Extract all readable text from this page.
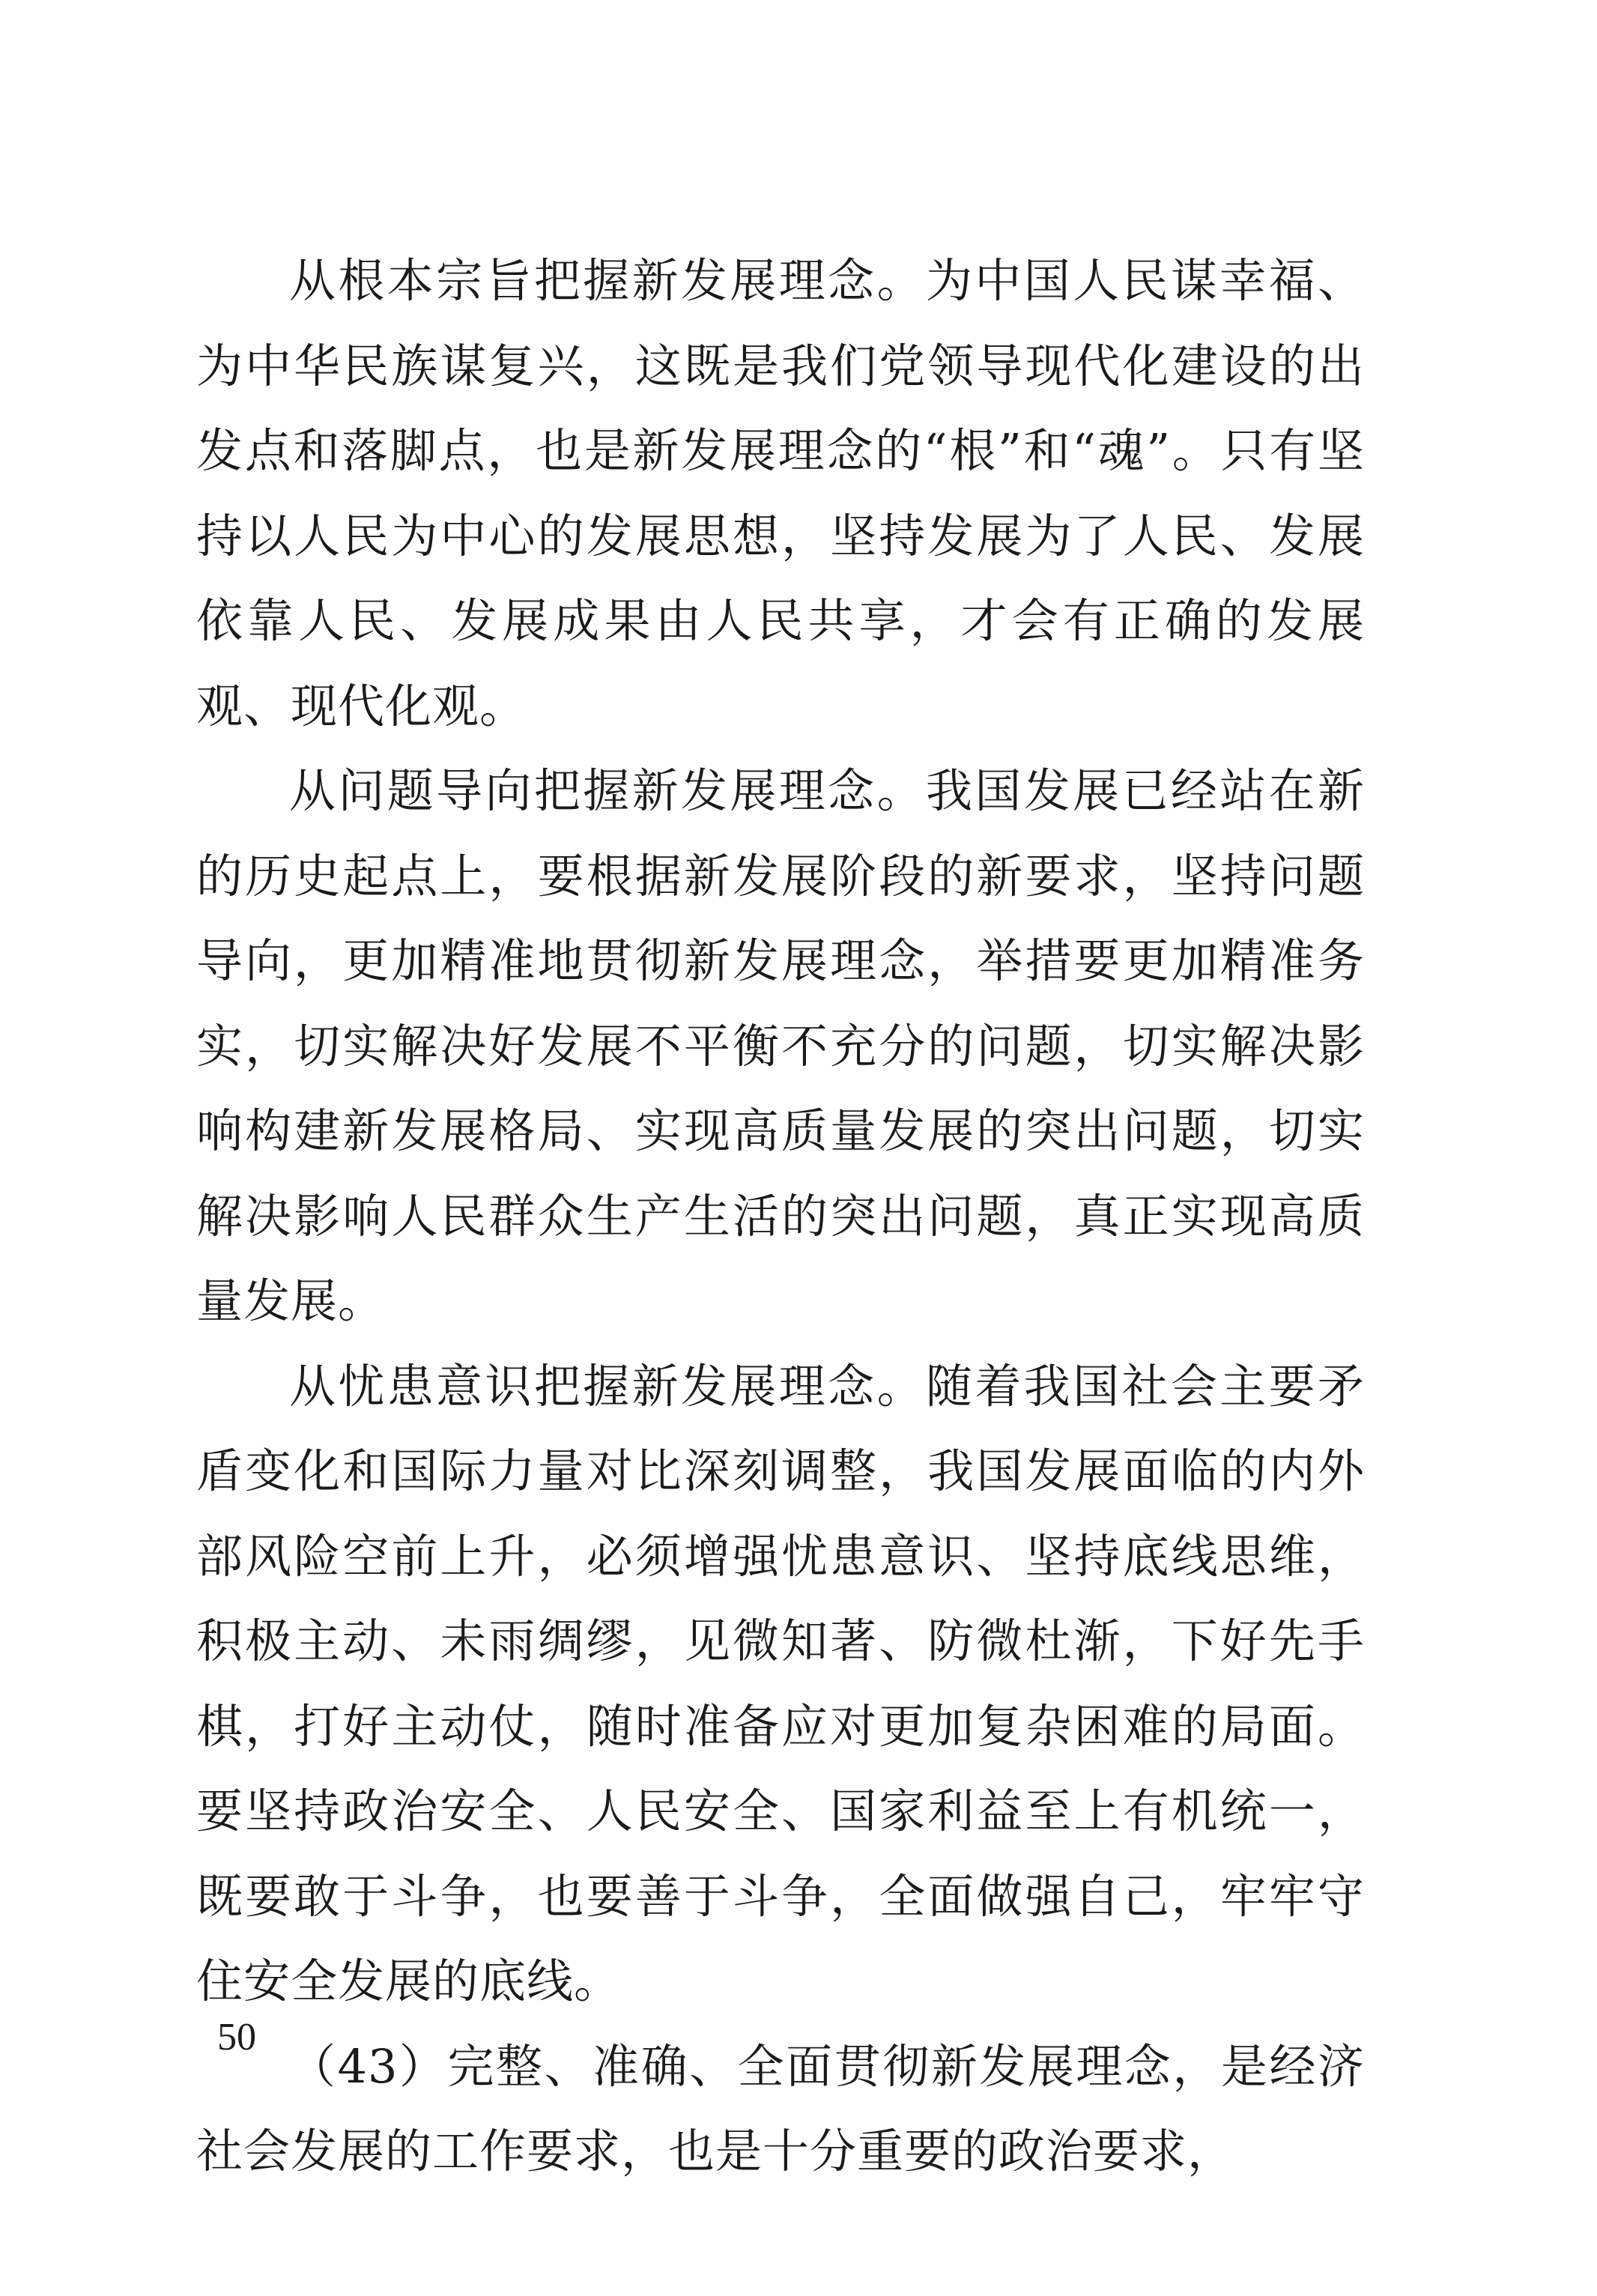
从根本宗旨把握新发展理念。为中国人民谋幸福、为中华民族谋复兴，这既是我们党领导现代化建设的出发点和落脚点，也是新发展理念的“根”和“魂”。只有坚持以人民为中心的发展思想，坚持发展为了人民、发展依靠人民、发展成果由人民共享，才会有正确的发展观、现代化观。

从问题导向把握新发展理念。我国发展已经站在新的历史起点上，要根据新发展阶段的新要求，坚持问题导向，更加精准地贯彻新发展理念，举措要更加精准务实，切实解决好发展不平衡不充分的问题，切实解决影响构建新发展格局、实现高质量发展的突出问题，切实解决影响人民群众生产生活的突出问题，真正实现高质量发展。

从忧患意识把握新发展理念。随着我国社会主要矛盾变化和国际力量对比深刻调整，我国发展面临的内外部风险空前上升，必须增强忧患意识、坚持底线思维，积极主动、未雨绸缪，见微知著、防微杜渐，下好先手棋，打好主动仗，随时准备应对更加复杂困难的局面。要坚持政治安全、人民安全、国家利益至上有机统一，既要敢于斗争，也要善于斗争，全面做强自己，牢牢守住安全发展的底线。

（43）完整、准确、全面贯彻新发展理念，是经济社会发展的工作要求，也是十分重要的政治要求，

50
